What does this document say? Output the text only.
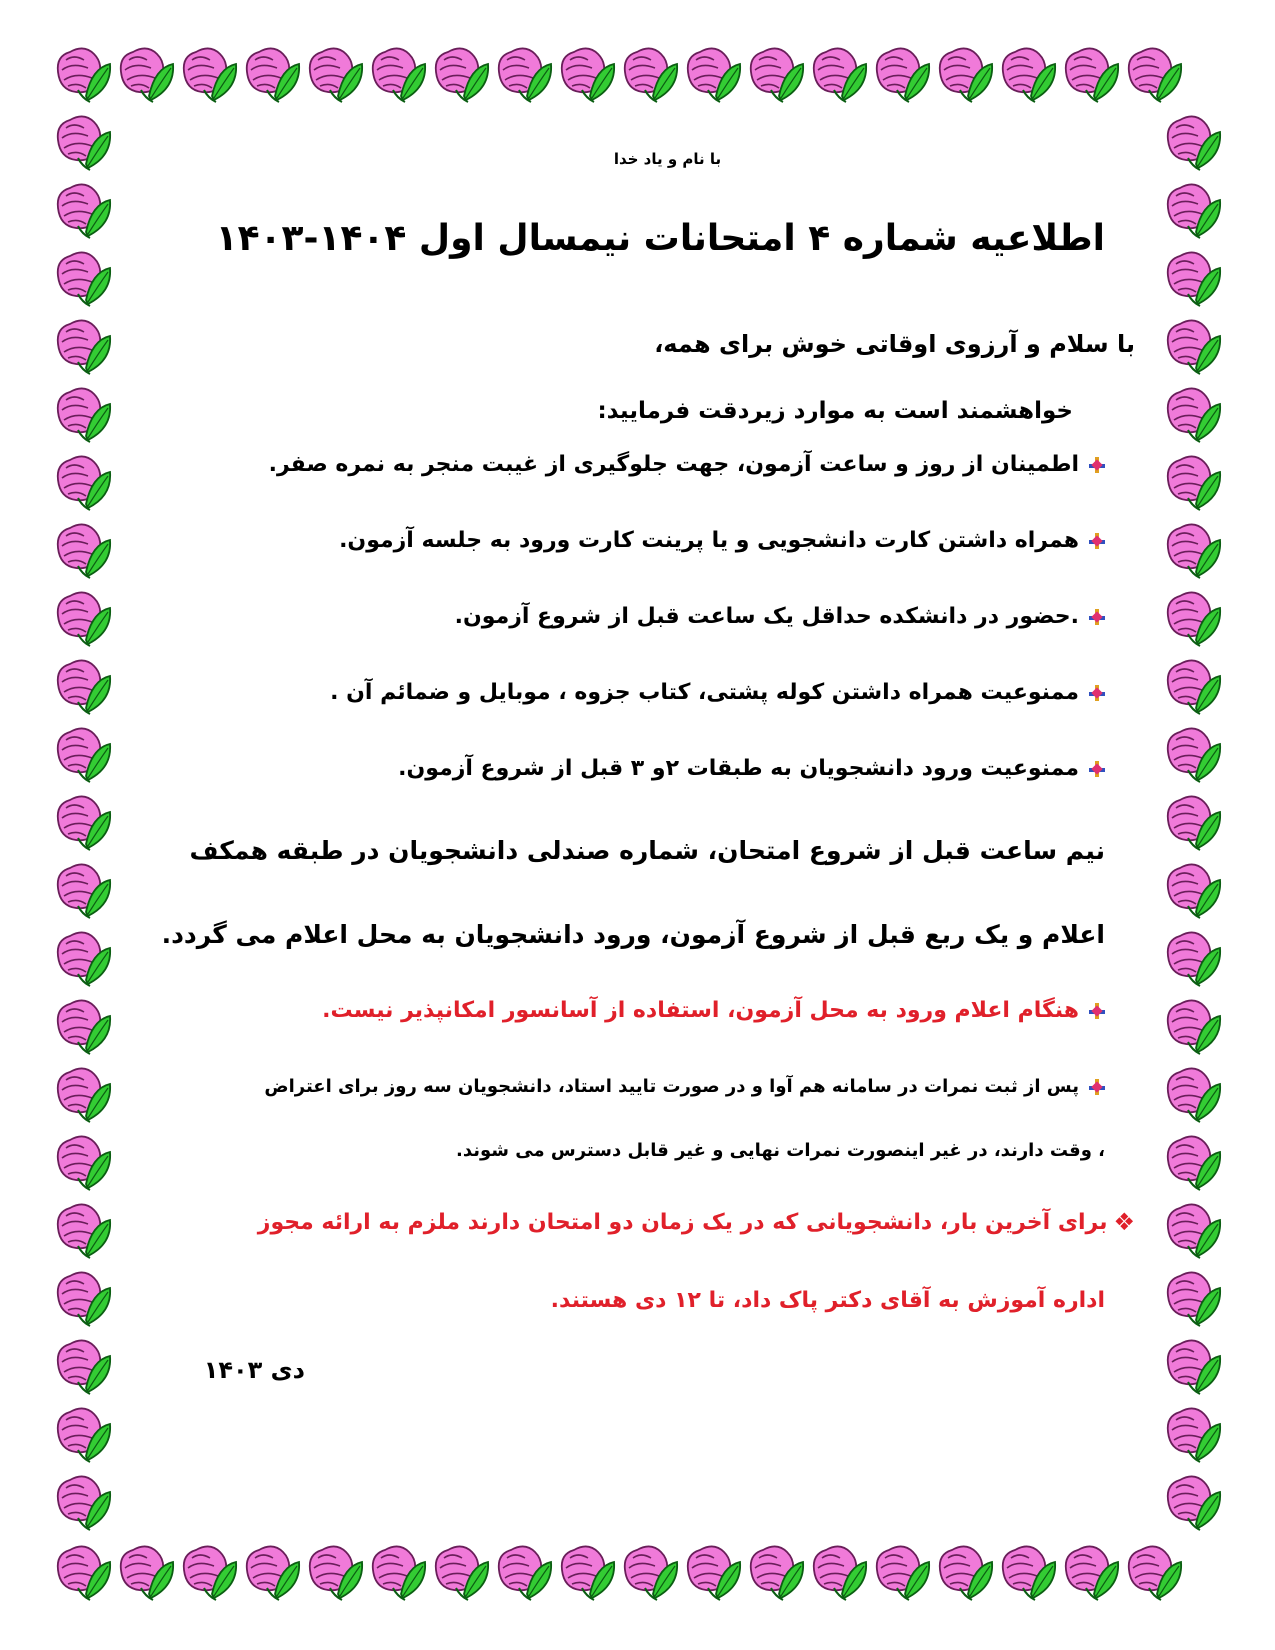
با نام و یاد خدا
اطلاعیه شماره ۴ امتحانات نیمسال اول ۱۴۰۴-۱۴۰۳
با سلام و آرزوی اوقاتی خوش برای همه،
خواهشمند است به موارد زیردقت فرمایید:
اطمینان از روز و ساعت آزمون، جهت جلوگیری از غیبت منجر به نمره صفر.
همراه داشتن کارت دانشجویی و یا پرینت کارت ورود به جلسه آزمون.
.حضور در دانشکده حداقل یک ساعت قبل از شروع آزمون.
ممنوعیت همراه داشتن کوله پشتی، کتاب جزوه ، موبایل و ضمائم آن .
ممنوعیت ورود دانشجویان به طبقات ۲و ۳ قبل از شروع آزمون.
نیم ساعت قبل از شروع امتحان، شماره صندلی دانشجویان در طبقه همکف
اعلام و یک ربع قبل از شروع آزمون، ورود دانشجویان به محل اعلام می گردد.
هنگام اعلام ورود به محل آزمون، استفاده از آسانسور امکانپذیر نیست.
پس از ثبت نمرات در سامانه هم آوا و در صورت تایید استاد، دانشجویان سه روز برای اعتراض
، وقت دارند، در غیر اینصورت نمرات نهایی و غیر قابل دسترس می شوند.
❖
برای آخرین بار، دانشجویانی که در یک زمان دو امتحان دارند ملزم به ارائه مجوز
اداره آموزش به آقای دکتر پاک داد، تا ۱۲ دی هستند.
دی ۱۴۰۳
